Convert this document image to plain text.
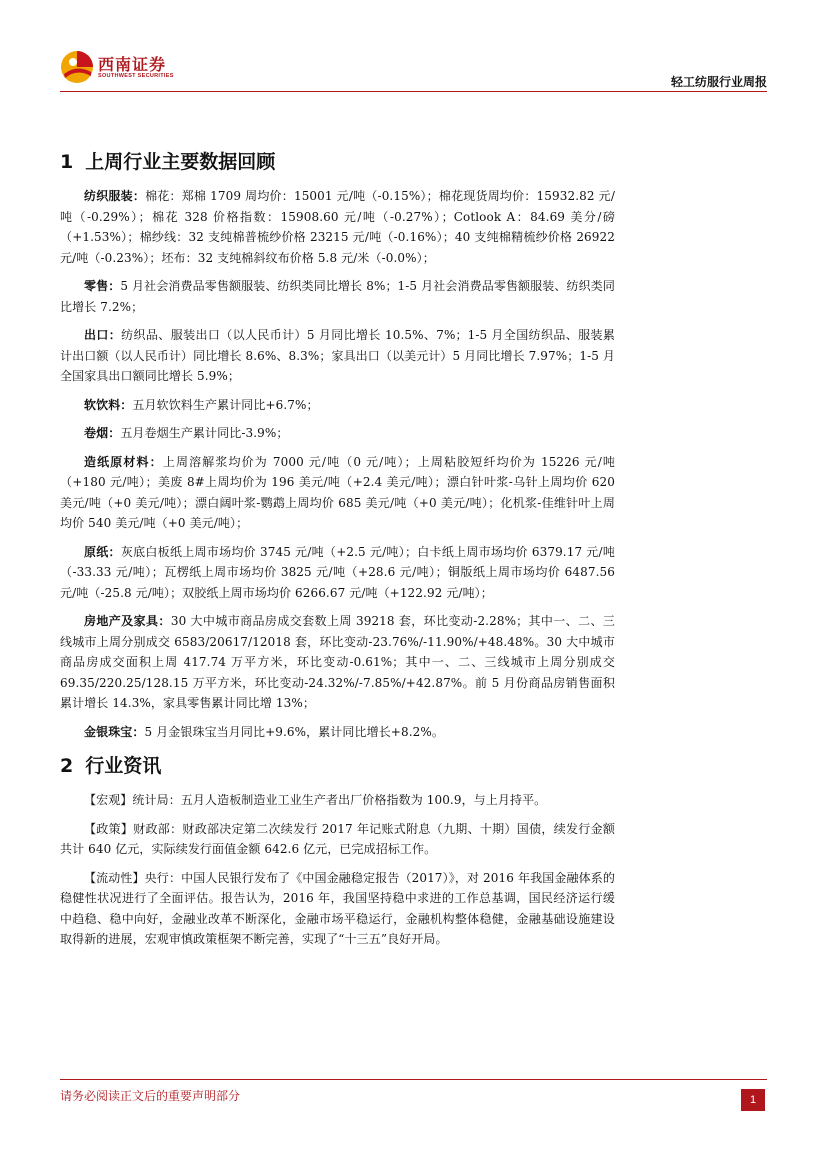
西南证券
SOUTHWEST SECURITIES	轻工纺服行业周报
1 上周行业主要数据回顾

纺织服装：棉花：郑棉 1709 周均价：15001 元/吨（-0.15%）；棉花现货周均价：15932.82 元/吨（-0.29%）；棉花 328 价格指数：15908.60 元/吨（-0.27%）；Cotlook A：84.69 美分/磅（+1.53%）；棉纱线：32 支纯棉普梳纱价格 23215 元/吨（-0.16%）；40 支纯棉精梳纱价格 26922 元/吨（-0.23%）；坯布：32 支纯棉斜纹布价格 5.8 元/米（-0.0%）；

零售：5 月社会消费品零售额服装、纺织类同比增长 8%；1-5 月社会消费品零售额服装、纺织类同比增长 7.2%；

出口：纺织品、服装出口（以人民币计）5 月同比增长 10.5%、7%；1-5 月全国纺织品、服装累计出口额（以人民币计）同比增长 8.6%、8.3%；家具出口（以美元计）5 月同比增长 7.97%；1-5 月全国家具出口额同比增长 5.9%；

软饮料：五月软饮料生产累计同比+6.7%；

卷烟：五月卷烟生产累计同比-3.9%；

造纸原材料：上周溶解浆均价为 7000 元/吨（0 元/吨）；上周粘胶短纤均价为 15226 元/吨（+180 元/吨）；美废 8#上周均价为 196 美元/吨（+2.4 美元/吨）；漂白针叶浆-乌针上周均价 620 美元/吨（+0 美元/吨）；漂白阔叶浆-鹦鹉上周均价 685 美元/吨（+0 美元/吨）；化机浆-佳维针叶上周均价 540 美元/吨（+0 美元/吨）；

原纸：灰底白板纸上周市场均价 3745 元/吨（+2.5 元/吨）；白卡纸上周市场均价 6379.17 元/吨（-33.33 元/吨）；瓦楞纸上周市场均价 3825 元/吨（+28.6 元/吨）；铜版纸上周市场均价 6487.56 元/吨（-25.8 元/吨）；双胶纸上周市场均价 6266.67 元/吨（+122.92 元/吨）；

房地产及家具：30 大中城市商品房成交套数上周 39218 套，环比变动-2.28%；其中一、二、三线城市上周分别成交 6583/20617/12018 套，环比变动-23.76%/-11.90%/+48.48%。30 大中城市商品房成交面积上周 417.74 万平方米，环比变动-0.61%；其中一、二、三线城市上周分别成交 69.35/220.25/128.15 万平方米，环比变动-24.32%/-7.85%/+42.87%。前 5 月份商品房销售面积累计增长 14.3%，家具零售累计同比增 13%；

金银珠宝：5 月金银珠宝当月同比+9.6%，累计同比增长+8.2%。

2 行业资讯

【宏观】统计局：五月人造板制造业工业生产者出厂价格指数为 100.9，与上月持平。

【政策】财政部：财政部决定第二次续发行 2017 年记账式附息（九期、十期）国债，续发行金额共计 640 亿元，实际续发行面值金额 642.6 亿元，已完成招标工作。

【流动性】央行：中国人民银行发布了《中国金融稳定报告（2017）》，对 2016 年我国金融体系的稳健性状况进行了全面评估。报告认为，2016 年，我国坚持稳中求进的工作总基调，国民经济运行缓中趋稳、稳中向好，金融业改革不断深化，金融市场平稳运行，金融机构整体稳健，金融基础设施建设取得新的进展，宏观审慎政策框架不断完善，实现了“十三五”良好开局。

请务必阅读正文后的重要声明部分	1
